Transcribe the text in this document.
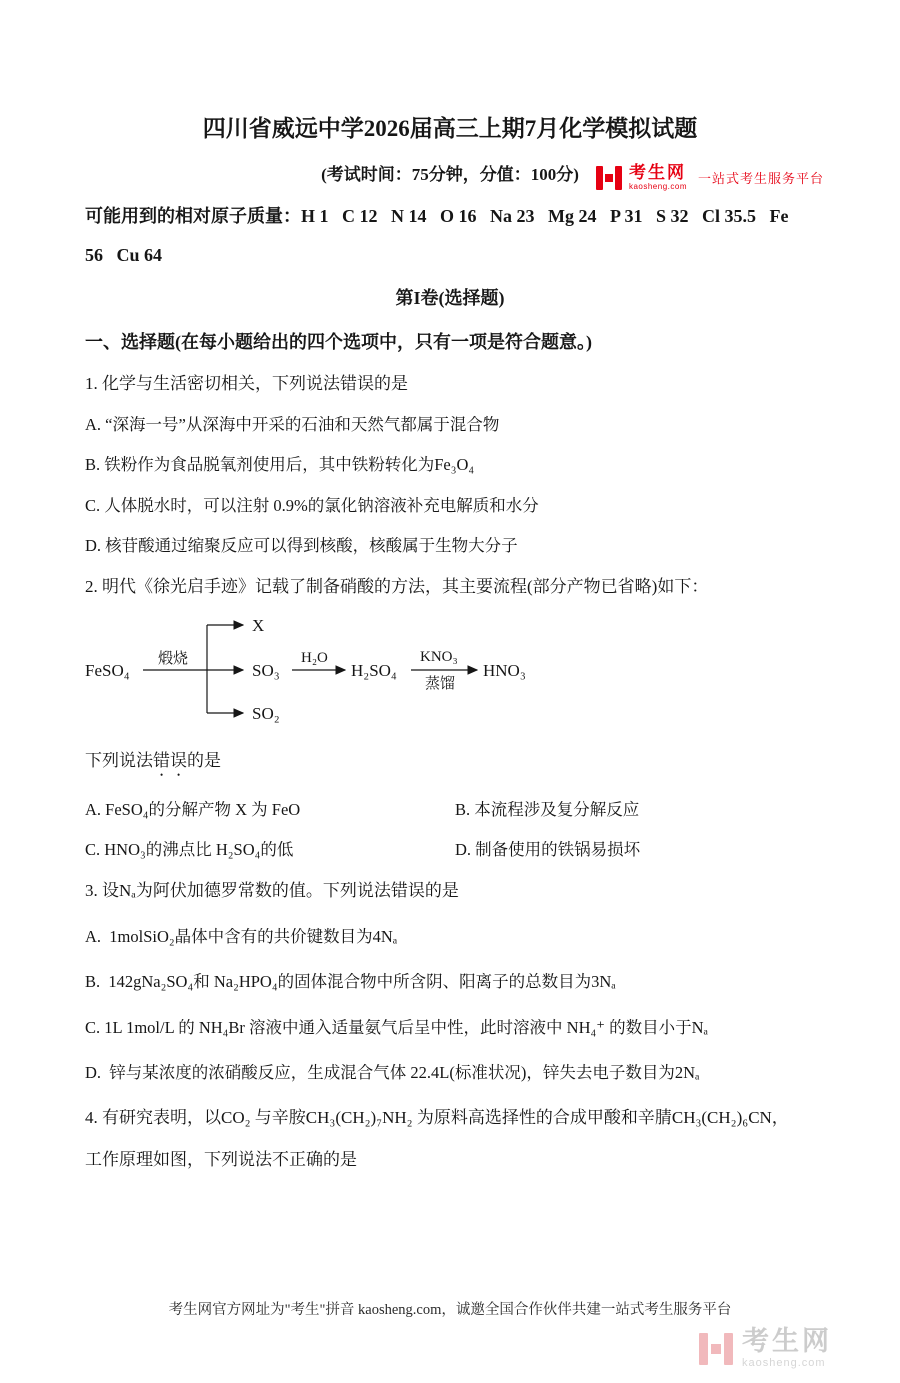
考生网
kaosheng.com
一站式考生服务平台
四川省威远中学2026届高三上期7月化学模拟试题
(考试时间：75分钟，分值：100分)
可能用到的相对原子质量：H 1   C 12   N 14   O 16   Na 23   Mg 24   P 31   S 32   Cl 35.5   Fe
56   Cu 64
第I卷(选择题)
一、选择题(在每小题给出的四个选项中，只有一项是符合题意。)
1. 化学与生活密切相关，下列说法错误的是
A. “深海一号”从深海中开采的石油和天然气都属于混合物
B. 铁粉作为食品脱氧剂使用后，其中铁粉转化为Fe₃O₄
C. 人体脱水时，可以注射 0.9%的氯化钠溶液补充电解质和水分
D. 核苷酸通过缩聚反应可以得到核酸，核酸属于生物大分子
2. 明代《徐光启手迹》记载了制备硝酸的方法，其主要流程(部分产物已省略)如下：
FeSO₄
煅烧
X
SO₃
SO₂
H₂O
H₂SO₄
KNO₃
蒸馏
HNO₃
下列说法错误的是
A. FeSO₄的分解产物 X 为 FeO	B. 本流程涉及复分解反应
C. HNO₃的沸点比 H₂SO₄的低	D. 制备使用的铁锅易损坏
3. 设Nₐ为阿伏加德罗常数的值。下列说法错误的是
A.  1molSiO₂晶体中含有的共价键数目为4Nₐ
B.  142gNa₂SO₄和 Na₂HPO₄的固体混合物中所含阴、阳离子的总数目为3Nₐ
C. 1L 1mol/L 的 NH₄Br 溶液中通入适量氨气后呈中性，此时溶液中 NH₄⁺ 的数目小于Nₐ
D.  锌与某浓度的浓硝酸反应，生成混合气体 22.4L(标准状况)，锌失去电子数目为2Nₐ
4. 有研究表明，以CO₂ 与辛胺CH₃(CH₂)₇NH₂ 为原料高选择性的合成甲酸和辛腈CH₃(CH₂)₆CN，
工作原理如图，下列说法不正确的是
考生网官方网址为"考生"拼音 kaosheng.com，诚邀全国合作伙伴共建一站式考生服务平台
考生网
kaosheng.com
